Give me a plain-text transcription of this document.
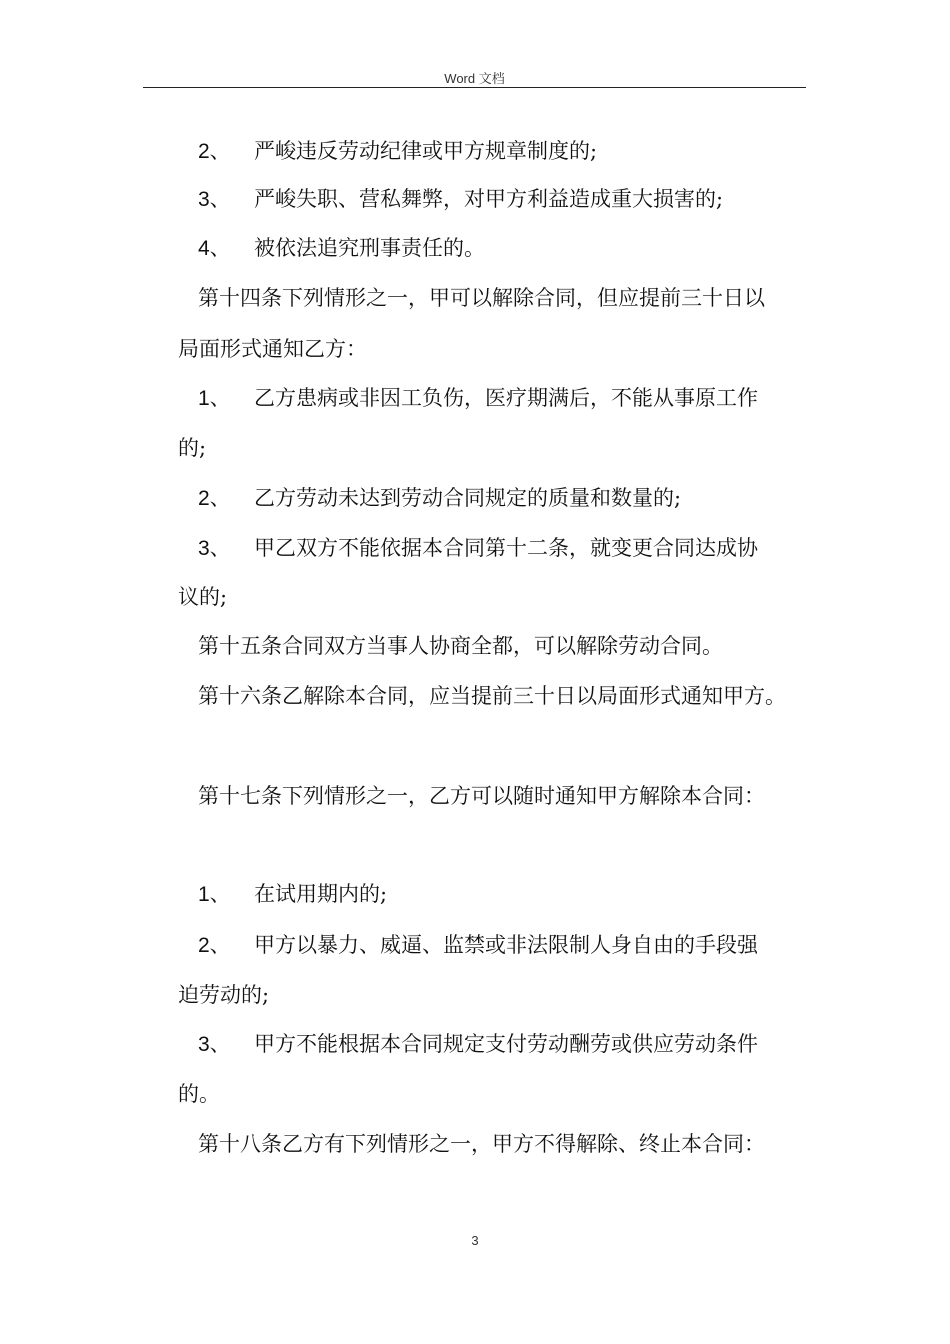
Word 文档
2、 严峻违反劳动纪律或甲方规章制度的;
3、 严峻失职、营私舞弊，对甲方利益造成重大损害的;
4、 被依法追究刑事责任的。
第十四条下列情形之一，甲可以解除合同，但应提前三十日以
局面形式通知乙方：
1、 乙方患病或非因工负伤，医疗期满后，不能从事原工作
的;
2、 乙方劳动未达到劳动合同规定的质量和数量的;
3、 甲乙双方不能依据本合同第十二条，就变更合同达成协
议的;
第十五条合同双方当事人协商全都，可以解除劳动合同。
第十六条乙解除本合同，应当提前三十日以局面形式通知甲方。
第十七条下列情形之一，乙方可以随时通知甲方解除本合同：
1、 在试用期内的;
2、 甲方以暴力、威逼、监禁或非法限制人身自由的手段强
迫劳动的;
3、 甲方不能根据本合同规定支付劳动酬劳或供应劳动条件
的。
第十八条乙方有下列情形之一，甲方不得解除、终止本合同：
3
